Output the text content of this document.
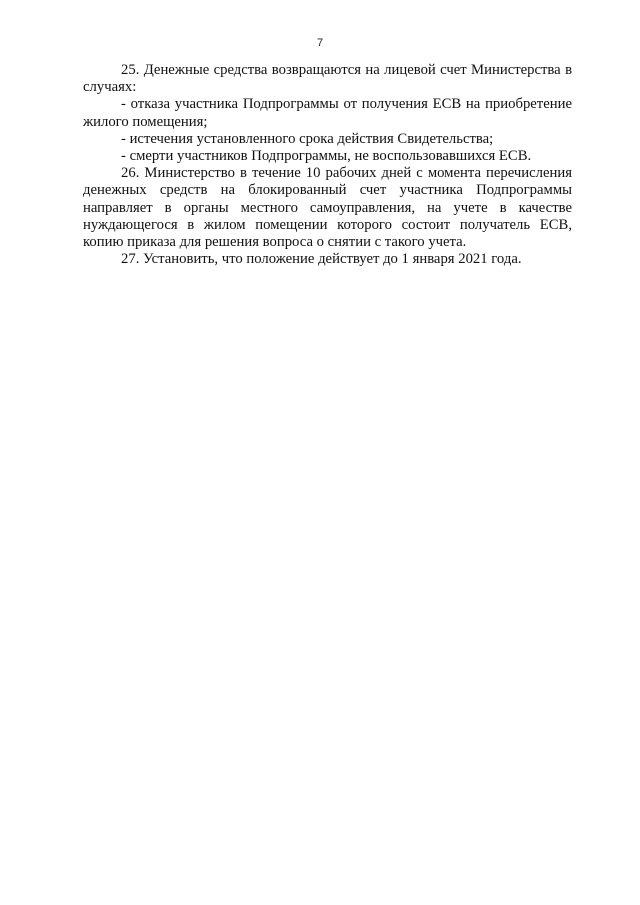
7

25. Денежные средства возвращаются на лицевой счет Министерства в случаях:

- отказа участника Подпрограммы от получения ЕСВ на приобретение жилого помещения;

- истечения установленного срока действия Свидетельства;

- смерти участников Подпрограммы, не воспользовавшихся ЕСВ.

26. Министерство в течение 10 рабочих дней с момента перечисления денежных средств на блокированный счет участника Подпрограммы направляет в органы местного самоуправления, на учете в качестве нуждающегося в жилом помещении которого состоит получатель ЕСВ, копию приказа для решения вопроса о снятии с такого учета.

27. Установить, что положение действует до 1 января 2021 года.
